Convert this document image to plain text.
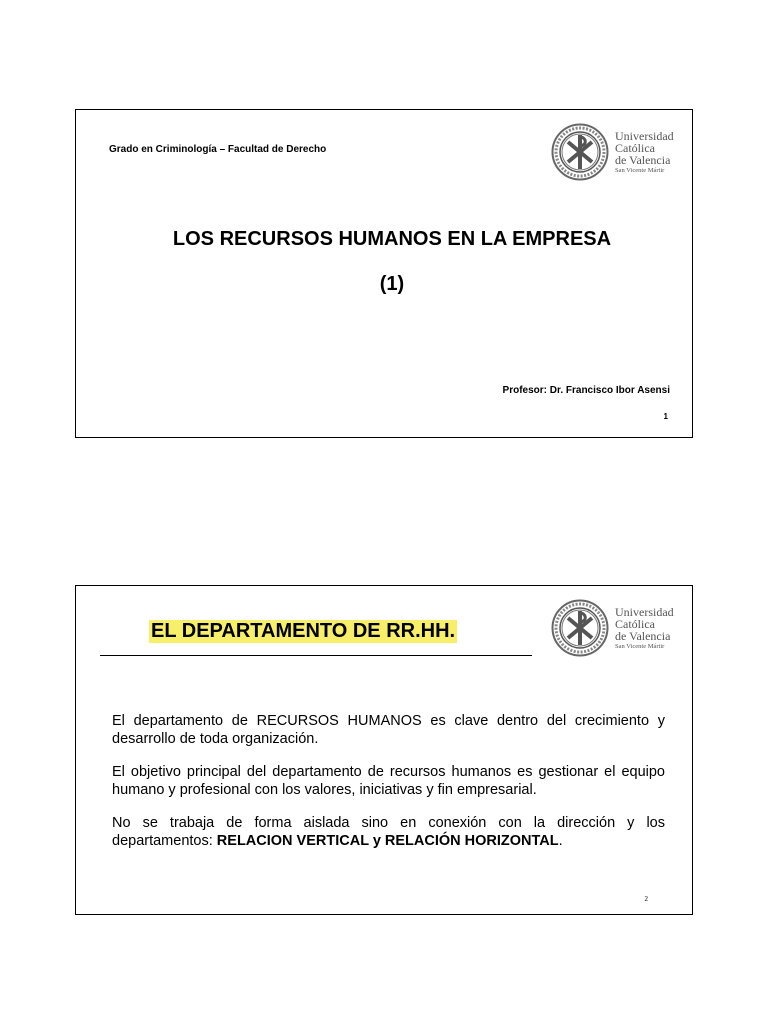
Grado en Criminología – Facultad de Derecho
Universidad
Católica
de Valencia
San Vicente Mártir
LOS RECURSOS HUMANOS EN LA EMPRESA
(1)
Profesor: Dr. Francisco Ibor Asensi
1
EL DEPARTAMENTO DE RR.HH.
Universidad
Católica
de Valencia
San Vicente Mártir

El departamento de RECURSOS HUMANOS es clave dentro del crecimiento y desarrollo de toda organización.

El objetivo principal del departamento de recursos humanos es gestionar el equipo humano y profesional con los valores, iniciativas y fin empresarial.

No se trabaja de forma aislada sino en conexión con la dirección y los departamentos: RELACION VERTICAL y RELACIÓN HORIZONTAL.

2
